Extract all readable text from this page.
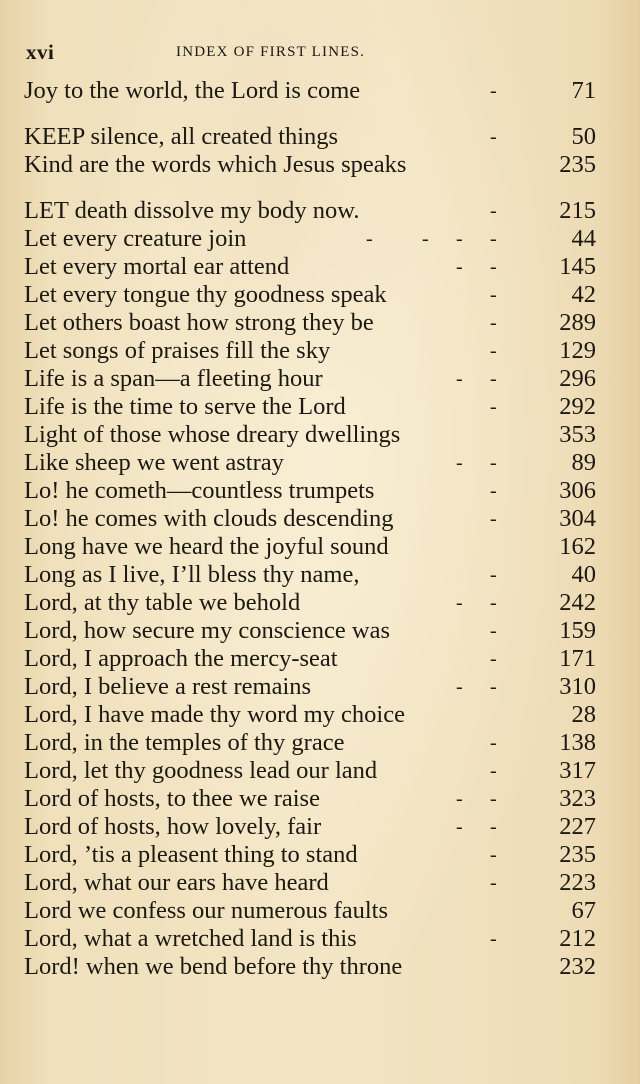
xvi	INDEX OF FIRST LINES.
Joy to the world, the Lord is come	-	71
KEEP silence, all created things	-	50
Kind are the words which Jesus speaks	235
LET death dissolve my body now.	-	215
Let every creature join	- - - -	44
Let every mortal ear attend	- -	145
Let every tongue thy goodness speak	-	42
Let others boast how strong they be	-	289
Let songs of praises fill the sky	-	129
Life is a span—a fleeting hour	- -	296
Life is the time to serve the Lord	-	292
Light of those whose dreary dwellings	353
Like sheep we went astray	- -	89
Lo! he cometh—countless trumpets	-	306
Lo! he comes with clouds descending	-	304
Long have we heard the joyful sound	162
Long as I live, I’ll bless thy name,	-	40
Lord, at thy table we behold	- -	242
Lord, how secure my conscience was	-	159
Lord, I approach the mercy-seat	-	171
Lord, I believe a rest remains	- -	310
Lord, I have made thy word my choice	28
Lord, in the temples of thy grace	-	138
Lord, let thy goodness lead our land	-	317
Lord of hosts, to thee we raise	- -	323
Lord of hosts, how lovely, fair	- -	227
Lord, ’tis a pleasent thing to stand	-	235
Lord, what our ears have heard	-	223
Lord we confess our numerous faults	67
Lord, what a wretched land is this	-	212
Lord! when we bend before thy throne	232
